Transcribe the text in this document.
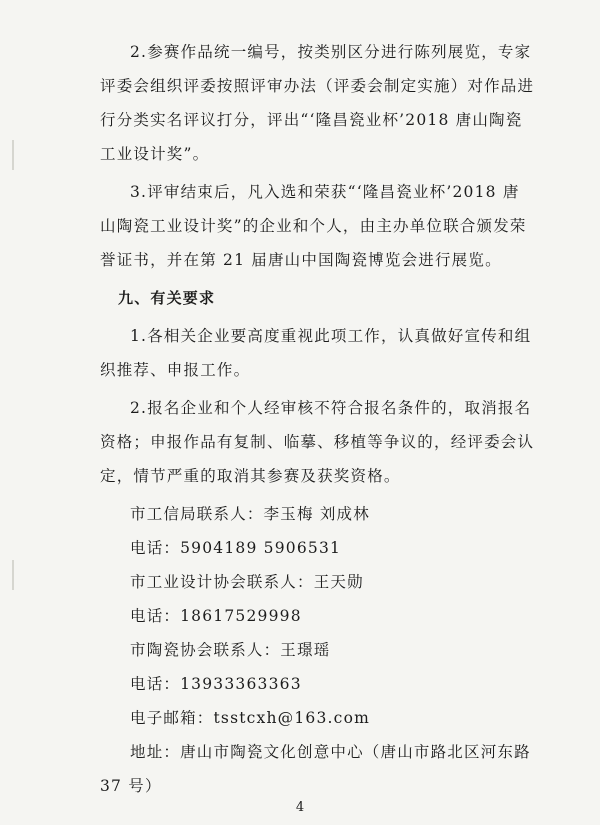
2.参赛作品统一编号，按类别区分进行陈列展览，专家
评委会组织评委按照评审办法（评委会制定实施）对作品进
行分类实名评议打分，评出“‘隆昌瓷业杯’2018 唐山陶瓷
工业设计奖”。
3.评审结束后，凡入选和荣获“‘隆昌瓷业杯’2018 唐
山陶瓷工业设计奖”的企业和个人，由主办单位联合颁发荣
誉证书，并在第 21 届唐山中国陶瓷博览会进行展览。
九、有关要求
1.各相关企业要高度重视此项工作，认真做好宣传和组
织推荐、申报工作。
2.报名企业和个人经审核不符合报名条件的，取消报名
资格；申报作品有复制、临摹、移植等争议的，经评委会认
定，情节严重的取消其参赛及获奖资格。
市工信局联系人：李玉梅 刘成林
电话：5904189 5906531
市工业设计协会联系人：王天勋
电话：18617529998
市陶瓷协会联系人：王璟瑶
电话：13933363363
电子邮箱：tsstcxh@163.com
地址：唐山市陶瓷文化创意中心（唐山市路北区河东路
37 号）
4
